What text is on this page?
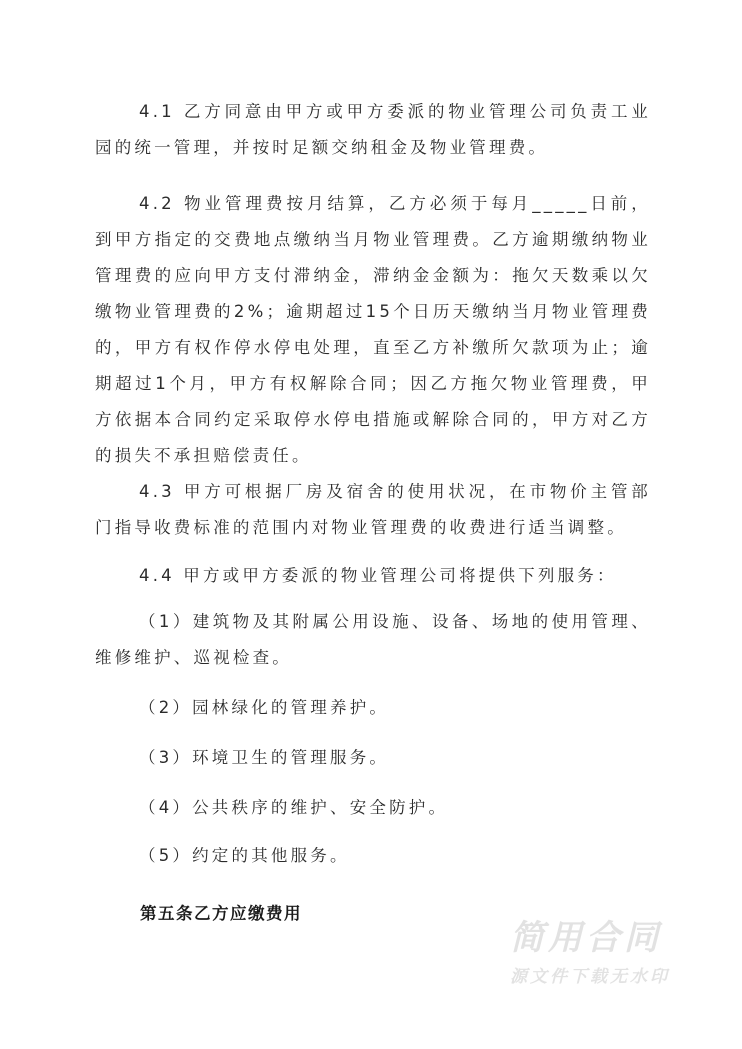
4.1 乙方同意由甲方或甲方委派的物业管理公司负责工业园的统一管理，并按时足额交纳租金及物业管理费。

4.2 物业管理费按月结算，乙方必须于每月_____日前，到甲方指定的交费地点缴纳当月物业管理费。乙方逾期缴纳物业管理费的应向甲方支付滞纳金，滞纳金金额为：拖欠天数乘以欠缴物业管理费的2%；逾期超过15个日历天缴纳当月物业管理费的，甲方有权作停水停电处理，直至乙方补缴所欠款项为止；逾期超过1个月，甲方有权解除合同；因乙方拖欠物业管理费，甲方依据本合同约定采取停水停电措施或解除合同的，甲方对乙方的损失不承担赔偿责任。

4.3 甲方可根据厂房及宿舍的使用状况，在市物价主管部门指导收费标准的范围内对物业管理费的收费进行适当调整。

4.4 甲方或甲方委派的物业管理公司将提供下列服务：

（1）建筑物及其附属公用设施、设备、场地的使用管理、维修维护、巡视检查。

（2）园林绿化的管理养护。

（3）环境卫生的管理服务。

（4）公共秩序的维护、安全防护。

（5）约定的其他服务。

第五条乙方应缴费用

简用合同
源文件下载无水印
